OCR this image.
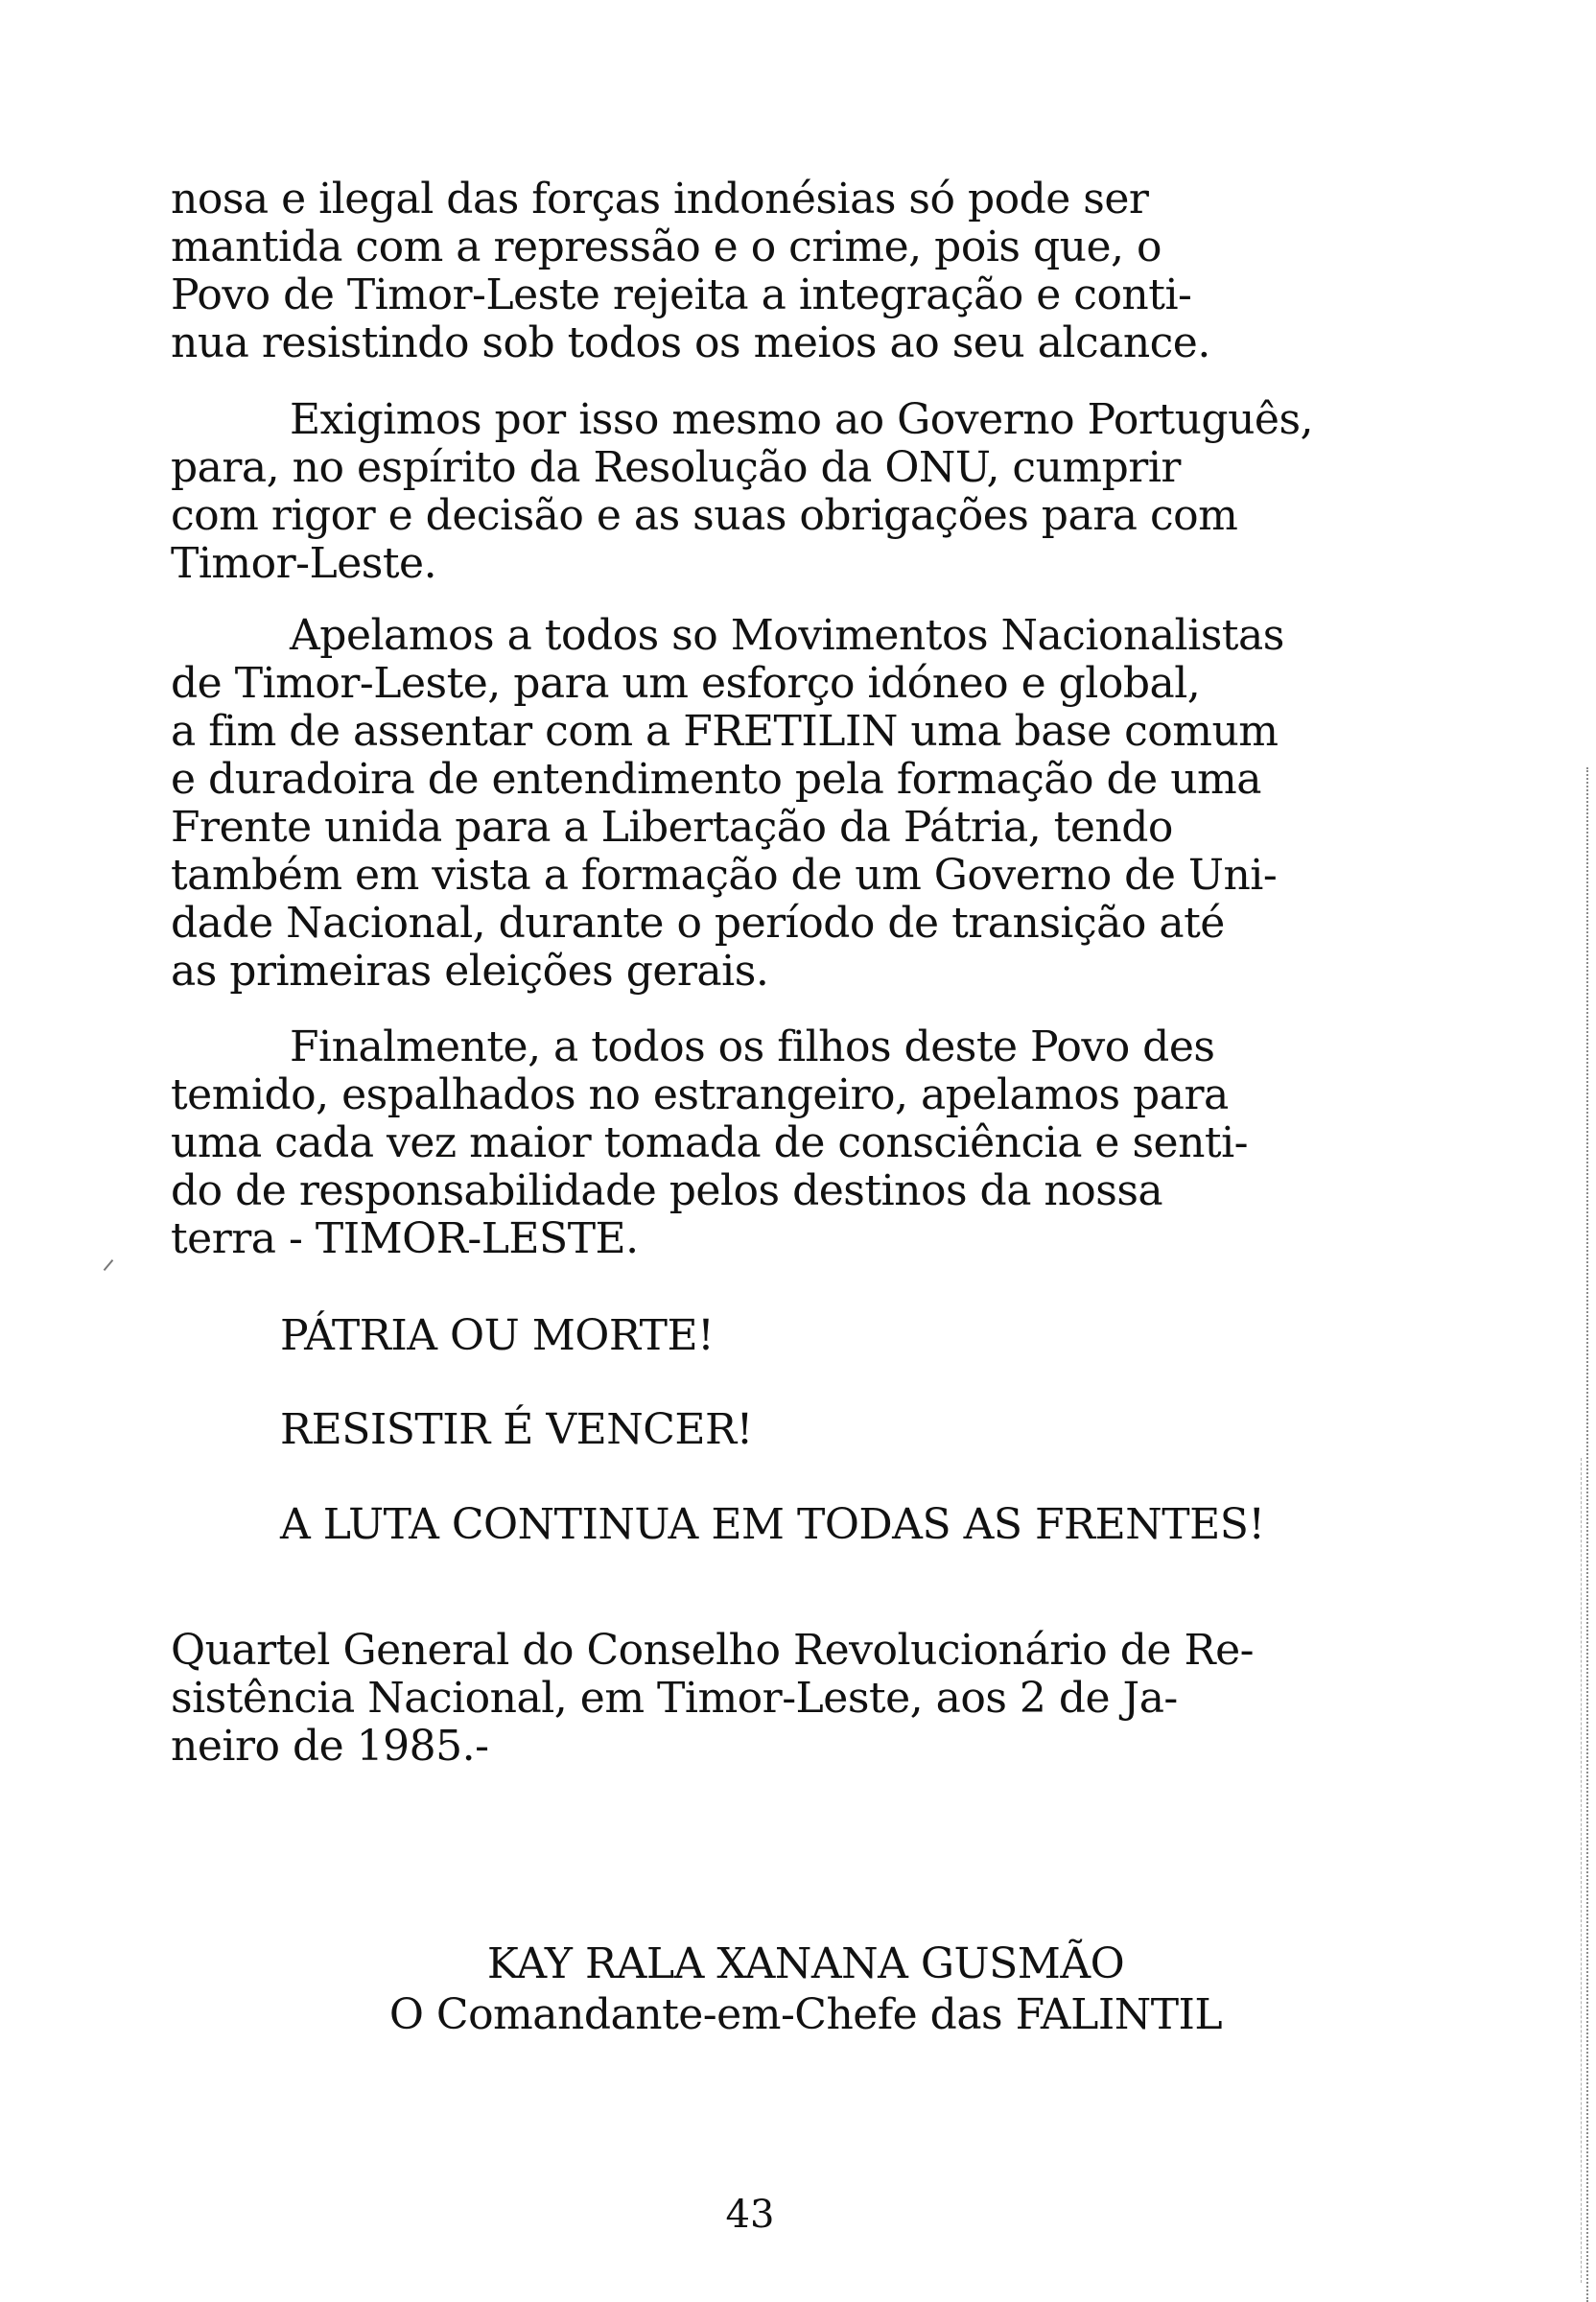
nosa e ilegal das forças indonésias só pode ser
mantida com a repressão e o crime, pois que, o
Povo de Timor-Leste rejeita a integração e conti-
nua resistindo sob todos os meios ao seu alcance.
Exigimos por isso mesmo ao Governo Português,
para, no espírito da Resolução da ONU, cumprir
com rigor e decisão e as suas obrigações para com
Timor-Leste.
Apelamos a todos so Movimentos Nacionalistas
de Timor-Leste, para um esforço idóneo e global,
a fim de assentar com a FRETILIN uma base comum
e duradoira de entendimento pela formação de uma
Frente unida para a Libertação da Pátria, tendo
também em vista a formação de um Governo de Uni-
dade Nacional, durante o período de transição até
as primeiras eleições gerais.
Finalmente, a todos os filhos deste Povo des
temido, espalhados no estrangeiro, apelamos para
uma cada vez maior tomada de consciência e senti-
do de responsabilidade pelos destinos da nossa
terra - TIMOR-LESTE.
PÁTRIA OU MORTE!
RESISTIR É VENCER!
A LUTA CONTINUA EM TODAS AS FRENTES!
Quartel General do Conselho Revolucionário de Re-
sistência Nacional, em Timor-Leste, aos 2 de Ja-
neiro de 1985.-
KAY RALA XANANA GUSMÃO
O Comandante-em-Chefe das FALINTIL
43
